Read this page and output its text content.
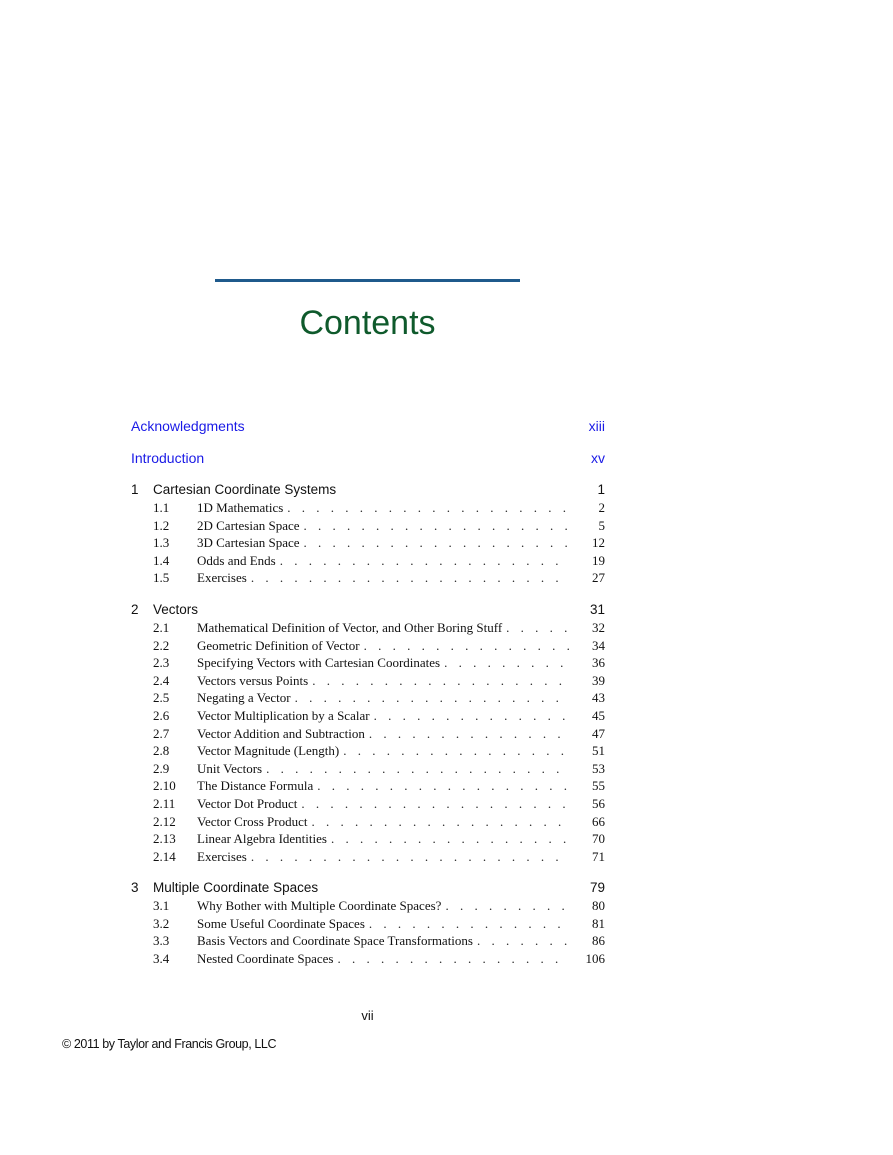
Contents
Acknowledgments	xiii
Introduction	xv
1 Cartesian Coordinate Systems	1
1.1	1D Mathematics . . .	2
1.2	2D Cartesian Space . . .	5
1.3	3D Cartesian Space . . .	12
1.4	Odds and Ends . . .	19
1.5	Exercises . . .	27
2 Vectors	31
2.1	Mathematical Definition of Vector, and Other Boring Stuff . . .	32
2.2	Geometric Definition of Vector . . .	34
2.3	Specifying Vectors with Cartesian Coordinates . . .	36
2.4	Vectors versus Points . . .	39
2.5	Negating a Vector . . .	43
2.6	Vector Multiplication by a Scalar . . .	45
2.7	Vector Addition and Subtraction . . .	47
2.8	Vector Magnitude (Length) . . .	51
2.9	Unit Vectors . . .	53
2.10	The Distance Formula . . .	55
2.11	Vector Dot Product . . .	56
2.12	Vector Cross Product . . .	66
2.13	Linear Algebra Identities . . .	70
2.14	Exercises . . .	71
3 Multiple Coordinate Spaces	79
3.1	Why Bother with Multiple Coordinate Spaces? . . .	80
3.2	Some Useful Coordinate Spaces . . .	81
3.3	Basis Vectors and Coordinate Space Transformations . . .	86
3.4	Nested Coordinate Spaces . . .	106
vii
© 2011 by Taylor and Francis Group, LLC
